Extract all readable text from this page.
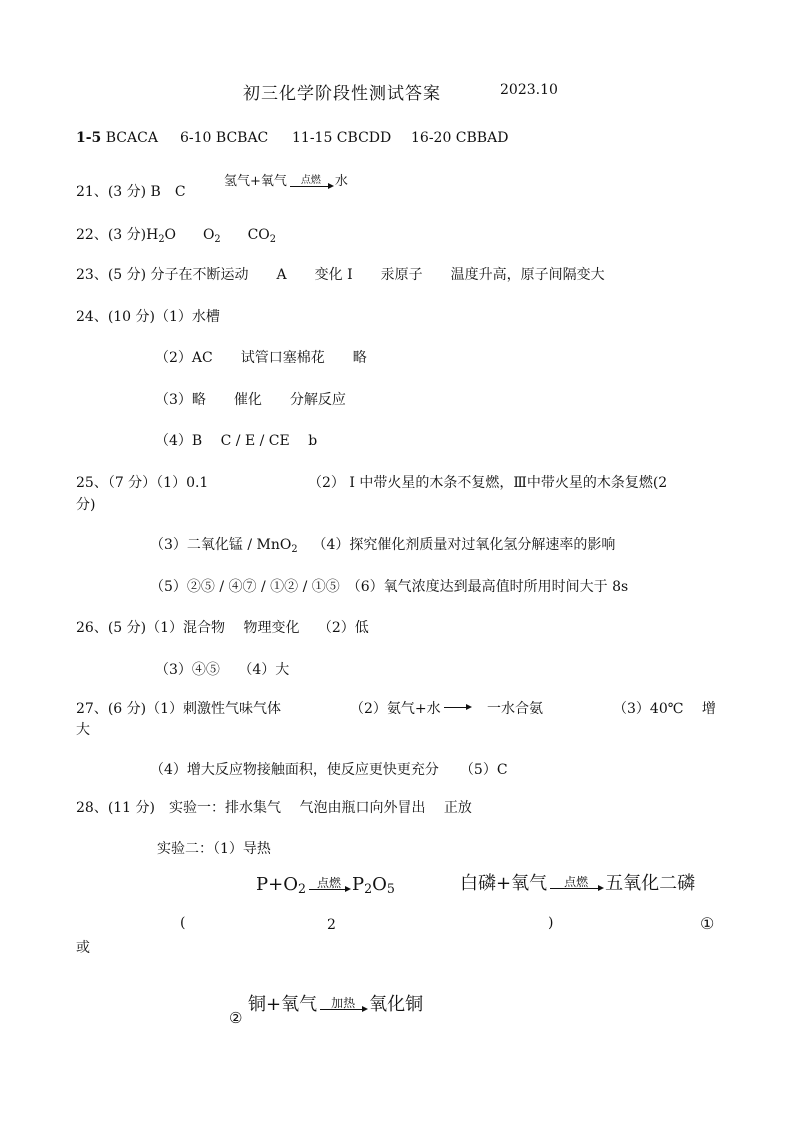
初三化学阶段性测试答案	2023.10
1-5 BCACA 6-10 BCBAC 11-15 CBCDD 16-20 CBBAD
21、(3 分) B　C
氢气+氧气	点燃	水
22、(3 分)$H_2O$ $O_2$ $CO_2$
23、(5 分) 分子在不断运动　　A　　变化 I　　汞原子　　温度升高，原子间隔变大
24、(10 分)（1）水槽
（2）AC　　试管口塞棉花　　略
（3）略　　催化　　分解反应
（4）B　 C / E / CE　 b
25、（7 分）（1）0.1	（2） I 中带火星的木条不复燃，Ⅲ中带火星的木条复燃(2
分)
（3）二氧化锰 / MnO$_2$ （4）探究催化剂质量对过氧化氢分解速率的影响
（5）②⑤ / ④⑦ / ①② / ①⑤　（6）氧气浓度达到最高值时所用时间大于 8s
26、(5 分)（1）混合物　 物理变化　 （2）低
（3）④⑤　 （4）大
27、(6 分)（1）刺激性气味气体	（2）氨气+水	一水合氨	（3）40℃　 增
大
（4）增大反应物接触面积，使反应更快更充分　　（5）C
28、(11 分)　实验一：排水集气　 气泡由瓶口向外冒出　 正放
实验二：（1）导热
$P+O_2$ 点燃 $P_2O_5$	白磷+氧气	点燃 五氧化二磷
(	2	)	①
或
②
铜+氧气	加热 氧化铜
